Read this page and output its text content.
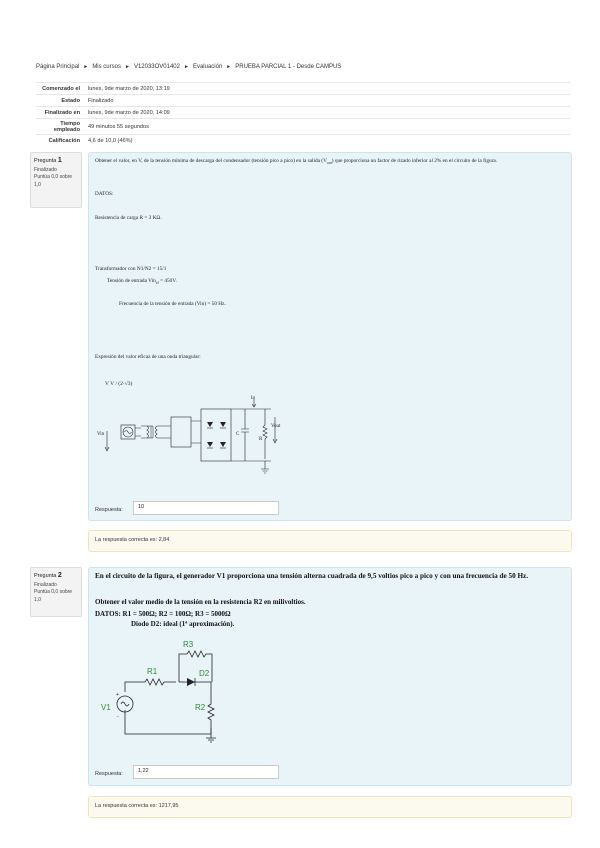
Página Principal ► Mis cursos ► V12033OV01402 ► Evaluación ► PRUEBA PARCIAL 1 - Desde CAMPUS
Comenzado el	lunes, 9de marzo de 2020, 13:19
Estado	Finalizado
Finalizado en	lunes, 9de marzo de 2020, 14:09
Tiempo empleado	49 minutos 55 segundos
Calificación	4,6 de 10,0 (46%)
Pregunta 1
Finalizado
Puntúa 0,0 sobre 1,0
Obtener el valor, en V, de la tensión mínima de descarga del condensador (tensión pico a pico) en la salida $(V_{out})$ que proporciona un factor de rizado inferior al 2% en el circuito de la figura.
DATOS:
Resistencia de carga R = 3 KΩ.
Transformador con N1/N2 = 15/1
Tensión de entrada Vin$_{ef}$ = 450V.
Frecuencia de la tensión de entrada (Vin) = 50 Hz.
Expresión del valor eficaz de una onda triangular:
V V / (2·√3)
Vin	C
R
Vout
Io
Respuesta:	10
La respuesta correcta es: 2,84
Pregunta 2
Finalizado
Puntúa 0,0 sobre 1,0
En el circuito de la figura, el generador V1 proporciona una tensión alterna cuadrada de 9,5 voltios pico a pico y con una frecuencia de 50 Hz.
Obtener el valor medio de la tensión en la resistencia R2 en milivoltios.
DATOS: R1 = 500Ω; R2 = 100Ω; R3 = 5000Ω
Diodo D2: ideal (1ª aproximación).
R3
R1	D2
R2
V1
+
-
Respuesta:	1,22
La respuesta correcta es: 1217,95
